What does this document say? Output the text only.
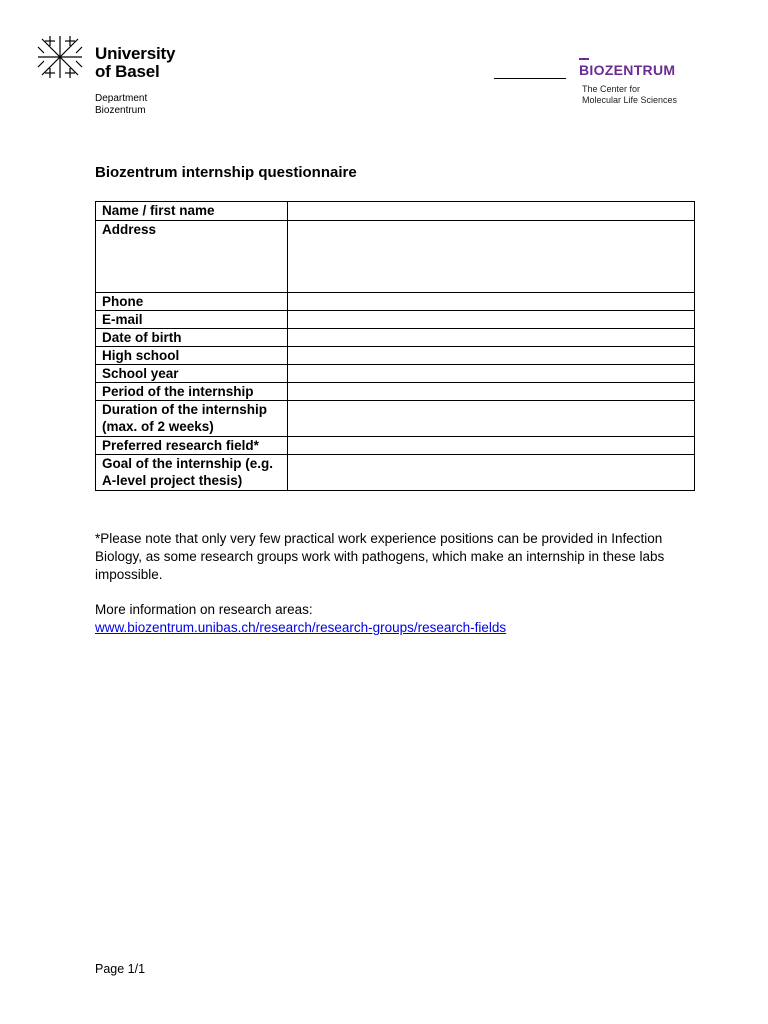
University
of Basel
Department
Biozentrum
BIOZENTRUM
The Center for
Molecular Life Sciences
Biozentrum internship questionnaire
Name / first name	

Address	

Phone	

E-mail	

Date of birth	

High school	

School year	

Period of the internship	

Duration of the internship
(max. of 2 weeks)	

Preferred research field*	

Goal of the internship (e.g.
A-level project thesis)	

*Please note that only very few practical work experience positions can be provided in Infection
Biology, as some research groups work with pathogens, which make an internship in these labs
impossible.
More information on research areas:
www.biozentrum.unibas.ch/research/research-groups/research-fields
Page 1/1
